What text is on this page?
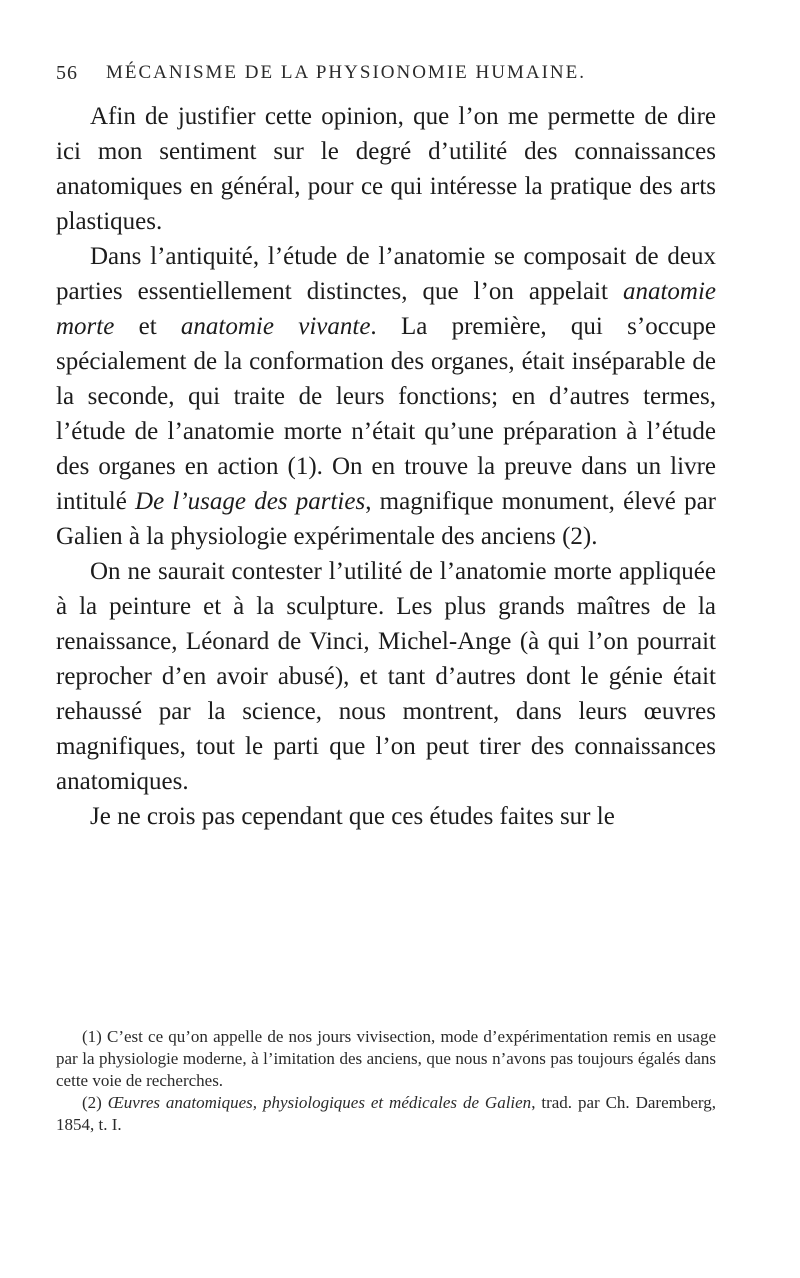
56 MÉCANISME DE LA PHYSIONOMIE HUMAINE.

Afin de justifier cette opinion, que l’on me permette de dire ici mon sentiment sur le degré d’utilité des connaissances anatomiques en général, pour ce qui intéresse la pratique des arts plastiques.

Dans l’antiquité, l’étude de l’anatomie se composait de deux parties essentiellement distinctes, que l’on appelait anatomie morte et anatomie vivante. La première, qui s’occupe spécialement de la conformation des organes, était inséparable de la seconde, qui traite de leurs fonctions; en d’autres termes, l’étude de l’anatomie morte n’était qu’une préparation à l’étude des organes en action (1). On en trouve la preuve dans un livre intitulé De l’usage des parties, magnifique monument, élevé par Galien à la physiologie expérimentale des anciens (2).

On ne saurait contester l’utilité de l’anatomie morte appliquée à la peinture et à la sculpture. Les plus grands maîtres de la renaissance, Léonard de Vinci, Michel-Ange (à qui l’on pourrait reprocher d’en avoir abusé), et tant d’autres dont le génie était rehaussé par la science, nous montrent, dans leurs œuvres magnifiques, tout le parti que l’on peut tirer des connaissances anatomiques.

Je ne crois pas cependant que ces études faites sur le

(1) C’est ce qu’on appelle de nos jours vivisection, mode d’expérimentation remis en usage par la physiologie moderne, à l’imitation des anciens, que nous n’avons pas toujours égalés dans cette voie de recherches.

(2) Œuvres anatomiques, physiologiques et médicales de Galien, trad. par Ch. Daremberg, 1854, t. I.
